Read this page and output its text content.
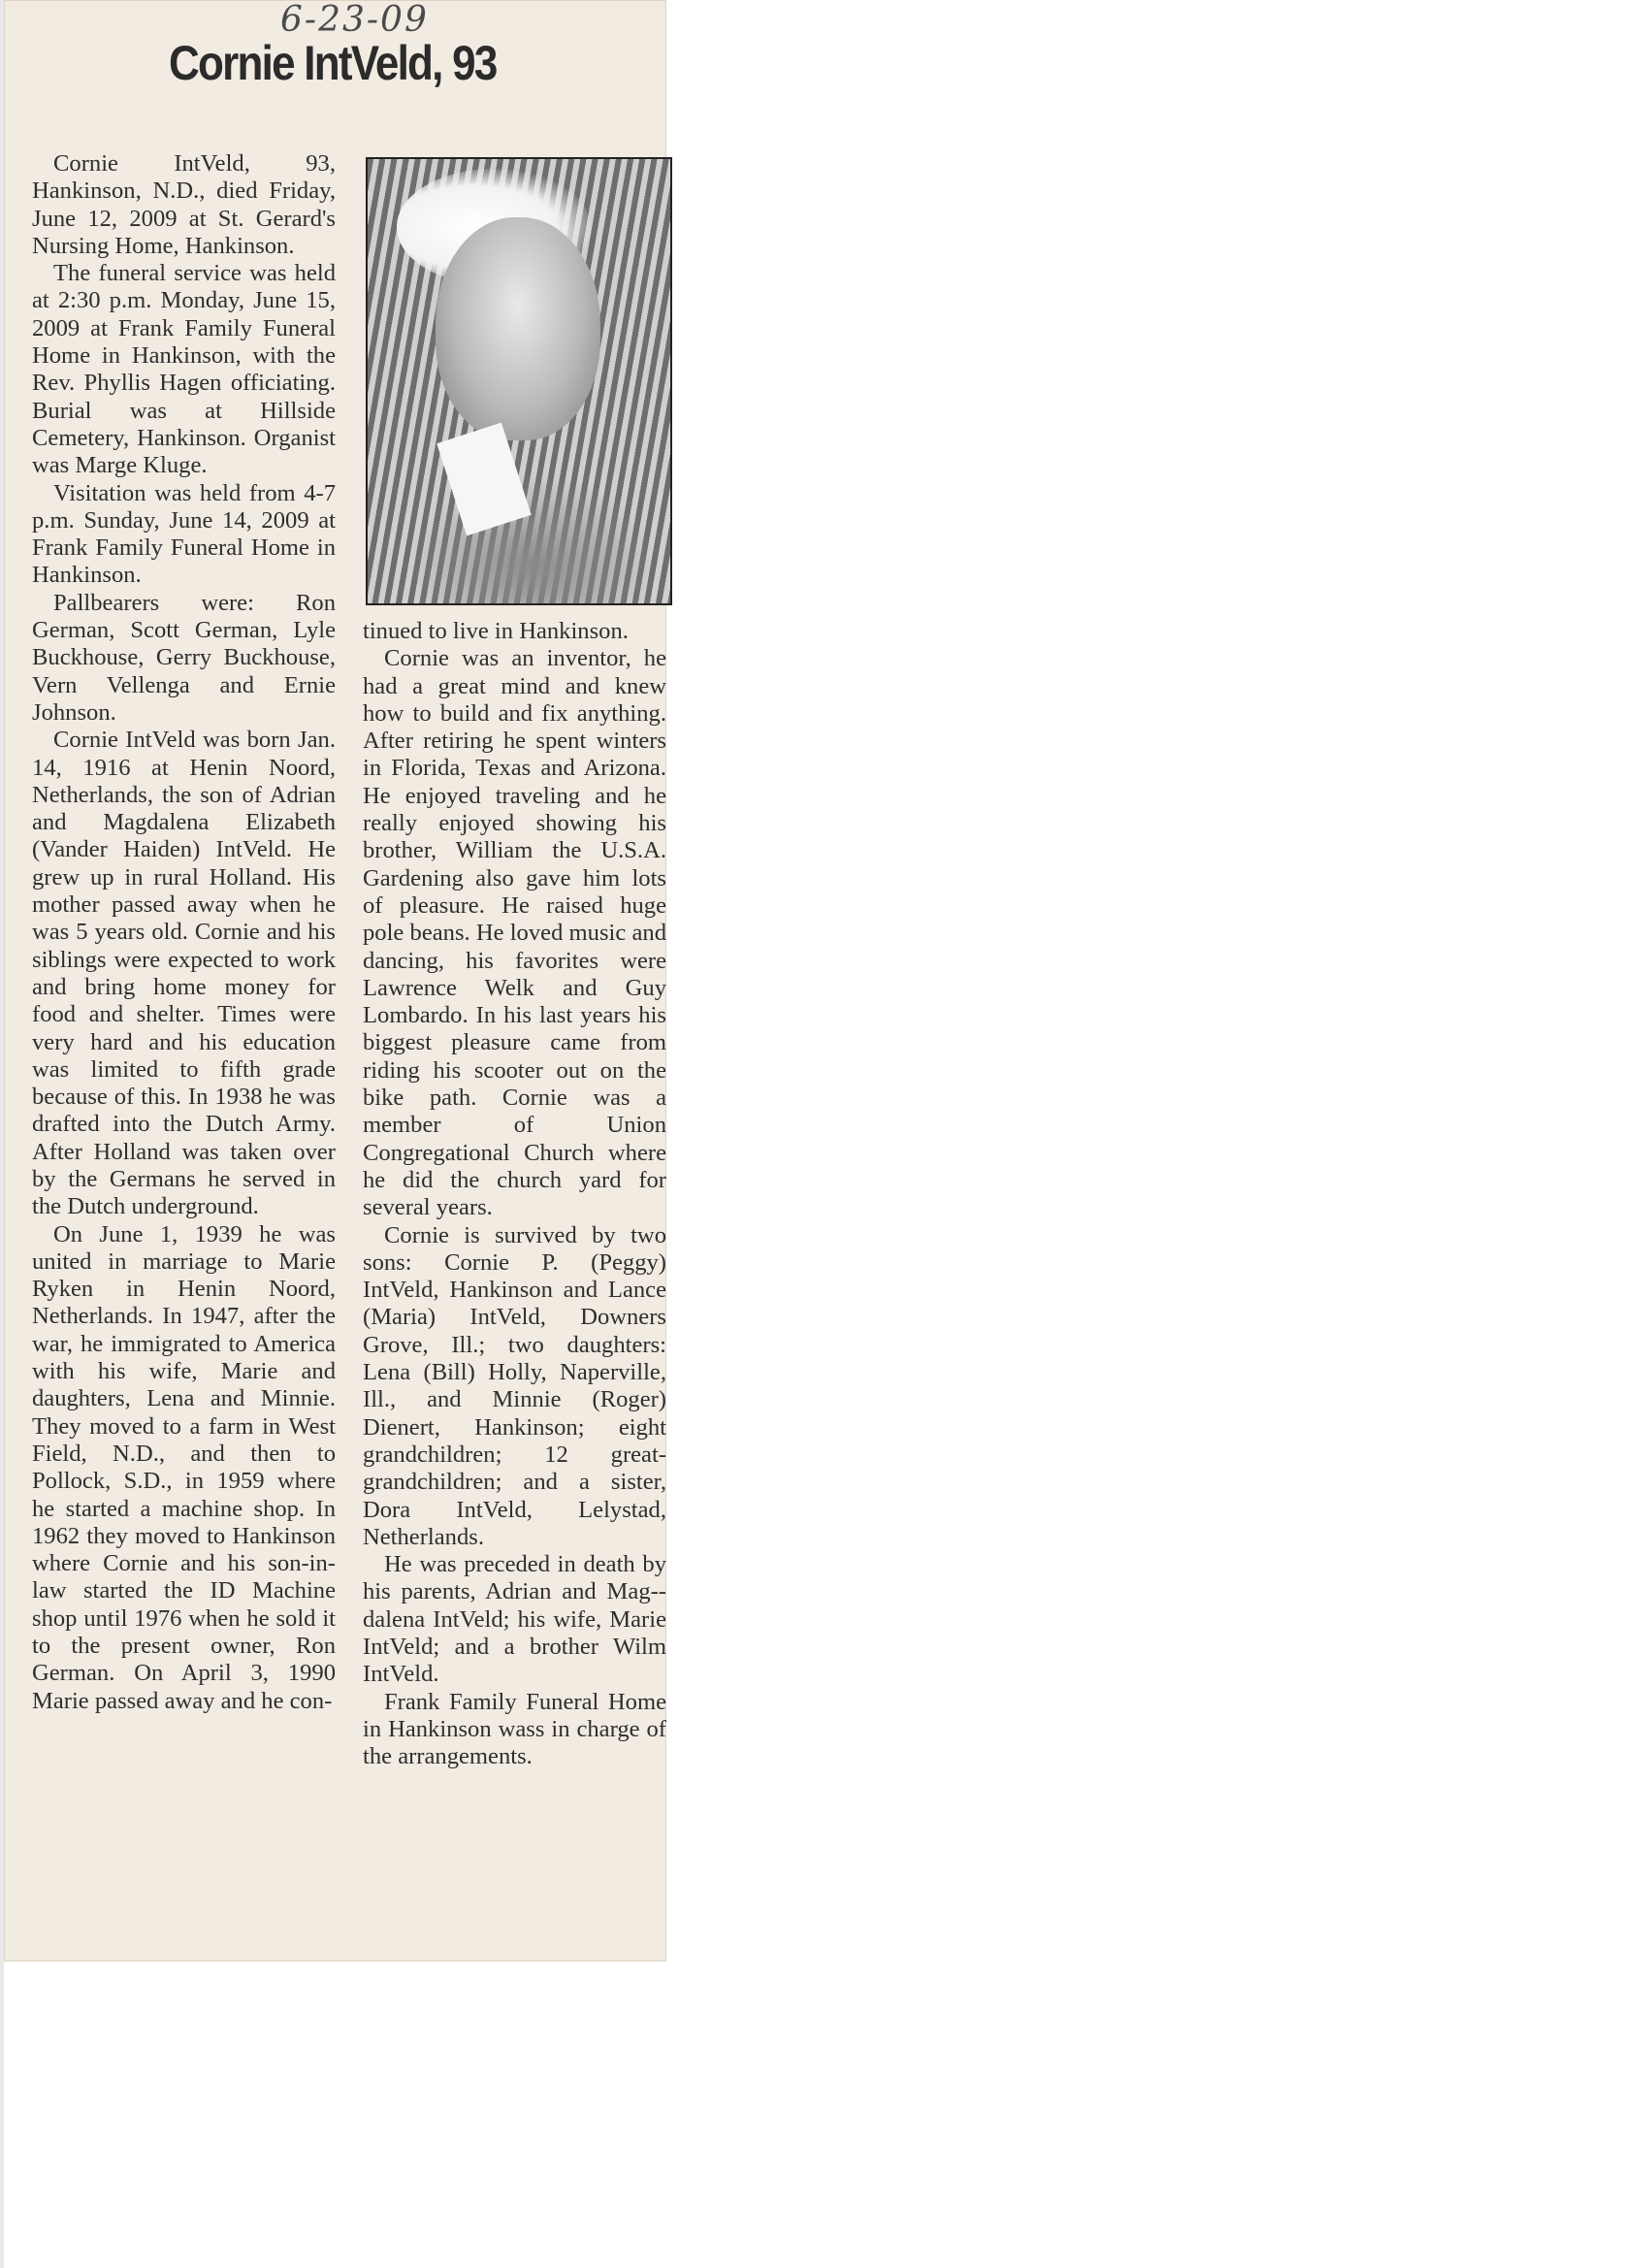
6-23-09
Cornie IntVeld, 93

Cornie IntVeld, 93, Hankinson, N.D., died Friday, June 12, 2009 at St. Gerard's Nursing Home, Hankinson.

The funeral service was held at 2:30 p.m. Monday, June 15, 2009 at Frank Family Funeral Home in Hankinson, with the Rev. Phyllis Hagen officiating. Burial was at Hillside Cemetery, Hankinson. Organist was Marge Kluge.

Visitation was held from 4-7 p.m. Sunday, June 14, 2009 at Frank Family Funeral Home in Hankinson.

Pallbearers were: Ron German, Scott German, Lyle Buckhouse, Gerry Buckhouse, Vern Vellenga and Ernie Johnson.

Cornie IntVeld was born Jan. 14, 1916 at Henin Noord, Netherlands, the son of Adrian and Magdalena Elizabeth (Vander Haiden) IntVeld. He grew up in rural Holland. His mother passed away when he was 5 years old. Cornie and his siblings were expected to work and bring home money for food and shelter. Times were very hard and his education was limited to fifth grade because of this. In 1938 he was drafted into the Dutch Army. After Holland was taken over by the Germans he served in the Dutch underground.

On June 1, 1939 he was united in marriage to Marie Ryken in Henin Noord, Netherlands. In 1947, after the war, he immigrated to America with his wife, Marie and daughters, Lena and Minnie. They moved to a farm in West Field, N.D., and then to Pollock, S.D., in 1959 where he started a machine shop. In 1962 they moved to Hankinson where Cornie and his son-in-law started the ID Machine shop until 1976 when he sold it to the present owner, Ron German. On April 3, 1990 Marie passed away and he con-

tinued to live in Hankinson.

Cornie was an inventor, he had a great mind and knew how to build and fix anything. After retiring he spent winters in Florida, Texas and Arizona. He enjoyed traveling and he really enjoyed showing his brother, William the U.S.A. Gardening also gave him lots of pleasure. He raised huge pole beans. He loved music and dancing, his favorites were Lawrence Welk and Guy Lombardo. In his last years his biggest pleasure came from riding his scooter out on the bike path. Cornie was a member of Union Congregational Church where he did the church yard for several years.

Cornie is survived by two sons: Cornie P. (Peggy) IntVeld, Hankinson and Lance (Maria) IntVeld, Downers Grove, Ill.; two daughters: Lena (Bill) Holly, Naperville, Ill., and Minnie (Roger) Dienert, Hankinson; eight grandchildren; 12 great-grandchildren; and a sister, Dora IntVeld, Lelystad, Netherlands.

He was preceded in death by his parents, Adrian and Mag--dalena IntVeld; his wife, Marie IntVeld; and a brother Wilm IntVeld.

Frank Family Funeral Home in Hankinson wass in charge of the arrangements.
